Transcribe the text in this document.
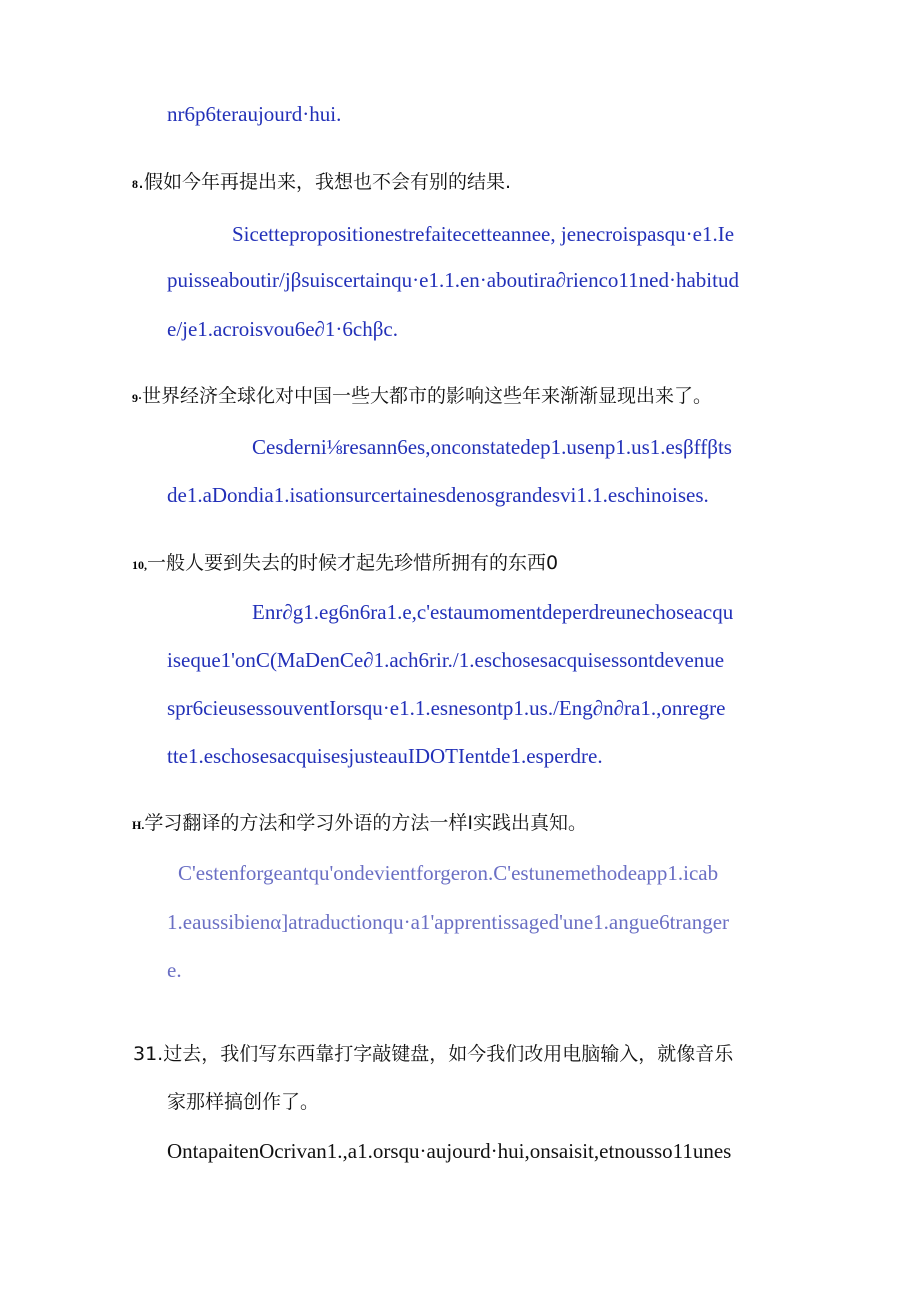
nr6p6teraujourd·hui.
8.假如今年再提出来，我想也不会有别的结果.
Sicettepropositionestrefaitecetteannee, jenecroispasqu·e1.Ie
puisseaboutir/jβsuiscertainqu·e1.1.en·aboutira∂rienco11ned·habitud
e/je1.acroisvou6e∂1·6chβc.
9·世界经济全球化对中国一些大都市的影响这些年来渐渐显现出来了。
Cesderni⅛resann6es,onconstatedep1.usenp1.us1.esβffβts
de1.aDondia1.isationsurcertainesdenosgrandesvi1.1.eschinoises.
10,一般人要到失去的时候才起先珍惜所拥有的东西0
Enr∂g1.eg6n6ra1.e,c'estaumomentdeperdreunechoseacqu
iseque1'onC(MaDenCe∂1.ach6rir./1.eschosesacquisessontdevenue
spr6cieusessouventIorsqu·e1.1.esnesontp1.us./Eng∂n∂ra1.,onregre
tte1.eschosesacquisesjusteauIDOTIentde1.esperdre.
H.学习翻译的方法和学习外语的方法一样I实践出真知。
C'estenforgeantqu'ondevientforgeron.C'estunemethodeapp1.icab
1.eaussibienα]atraductionqu·a1'apprentissaged'une1.angue6tranger
e.
31.过去，我们写东西靠打字敲键盘，如今我们改用电脑输入，就像音乐
家那样搞创作了。
OntapaitenOcrivan1.,a1.orsqu·aujourd·hui,onsaisit,etnousso11unes
